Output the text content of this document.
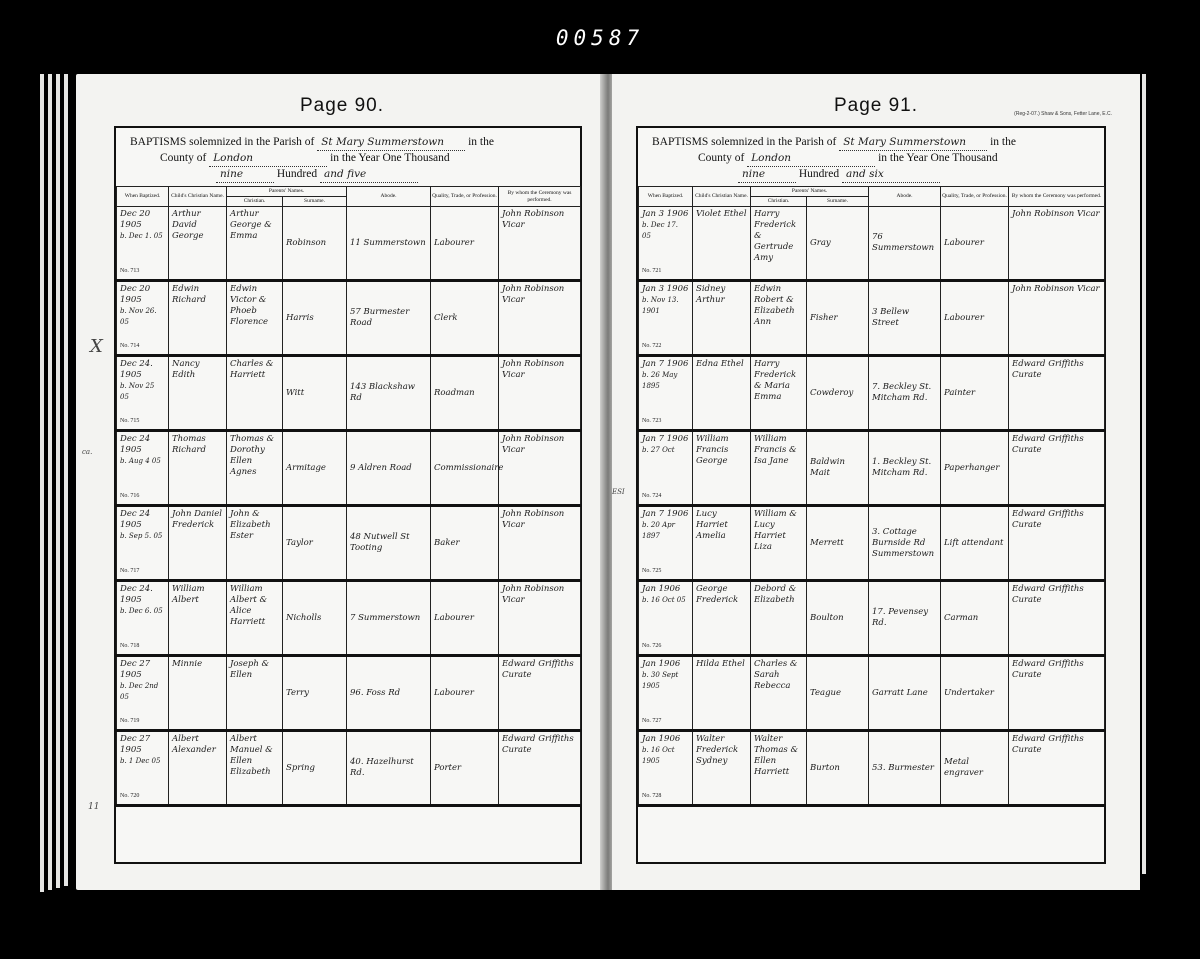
00587
Page 90.
X
ca.
11
BAPTISMS solemnized in the Parish of St Mary Summerstown in the
County of London	in the Year One Thousand
nine	Hundred and five
When Baptized.	Child's Christian Name.	Parents' Names.		Abode.	Quality, Trade, or Profession.	By whom the Ceremony was performed.
		Christian.	Surname.			

Dec 20 1905
b. Dec 1. 05
No. 713	Arthur David George	Arthur George & Emma	Robinson	11 Summerstown	Labourer	John Robinson Vicar

Dec 20 1905
b. Nov 26. 05
No. 714	Edwin Richard	Edwin Victor & Phoeb Florence	Harris	57 Burmester Road	Clerk	John Robinson Vicar

Dec 24. 1905
b. Nov 25 05
No. 715	Nancy Edith	Charles & Harriett	Witt	143 Blackshaw Rd	Roadman	John Robinson Vicar

Dec 24 1905
b. Aug 4 05
No. 716	Thomas Richard	Thomas & Dorothy Ellen Agnes	Armitage	9 Aldren Road	Commissionaire	John Robinson Vicar

Dec 24 1905
b. Sep 5. 05
No. 717	John Daniel Frederick	John & Elizabeth Ester	Taylor	48 Nutwell St Tooting	Baker	John Robinson Vicar

Dec 24. 1905
b. Dec 6. 05
No. 718	William Albert	William Albert & Alice Harriett	Nicholls	7 Summerstown	Labourer	John Robinson Vicar

Dec 27 1905
b. Dec 2nd 05
No. 719	Minnie	Joseph & Ellen	Terry	96. Foss Rd	Labourer	Edward Griffiths Curate

Dec 27 1905
b. 1 Dec 05
No. 720	Albert Alexander	Albert Manuel & Ellen Elizabeth	Spring	40. Hazelhurst Rd.	Porter	Edward Griffiths Curate
Page 91.	(Reg-2-07.) Shaw & Sons, Fetter Lane, E.C.
ESI
BAPTISMS solemnized in the Parish of St Mary Summerstown in the
County of London	in the Year One Thousand
nine	Hundred and six
When Baptized.	Child's Christian Name.	Parents' Names.		Abode.	Quality, Trade, or Profession.	By whom the Ceremony was performed.
		Christian.	Surname.			

Jan 3 1906
b. Dec 17. 05
No. 721	Violet Ethel	Harry Frederick & Gertrude Amy	Gray	76 Summerstown	Labourer	John Robinson Vicar

Jan 3 1906
b. Nov 13. 1901
No. 722	Sidney Arthur	Edwin Robert & Elizabeth Ann	Fisher	3 Bellew Street	Labourer	John Robinson Vicar

Jan 7 1906
b. 26 May 1895
No. 723	Edna Ethel	Harry Frederick & Maria Emma	Cowderoy	7. Beckley St. Mitcham Rd.	Painter	Edward Griffiths Curate

Jan 7 1906
b. 27 Oct
No. 724	William Francis George	William Francis & Isa Jane	Baldwin Mait	1. Beckley St. Mitcham Rd.	Paperhanger	Edward Griffiths Curate

Jan 7 1906
b. 20 Apr 1897
No. 725	Lucy Harriet Amelia	William & Lucy Harriet Liza	Merrett	3. Cottage Burnside Rd Summerstown	Lift attendant	Edward Griffiths Curate

Jan 1906
b. 16 Oct 05
No. 726	George Frederick	Debord & Elizabeth	Boulton	17. Pevensey Rd.	Carman	Edward Griffiths Curate

Jan 1906
b. 30 Sept 1905
No. 727	Hilda Ethel	Charles & Sarah Rebecca	Teague	Garratt Lane	Undertaker	Edward Griffiths Curate

Jan 1906
b. 16 Oct 1905
No. 728	Walter Frederick Sydney	Walter Thomas & Ellen Harriett	Burton	53. Burmester	Metal engraver	Edward Griffiths Curate
